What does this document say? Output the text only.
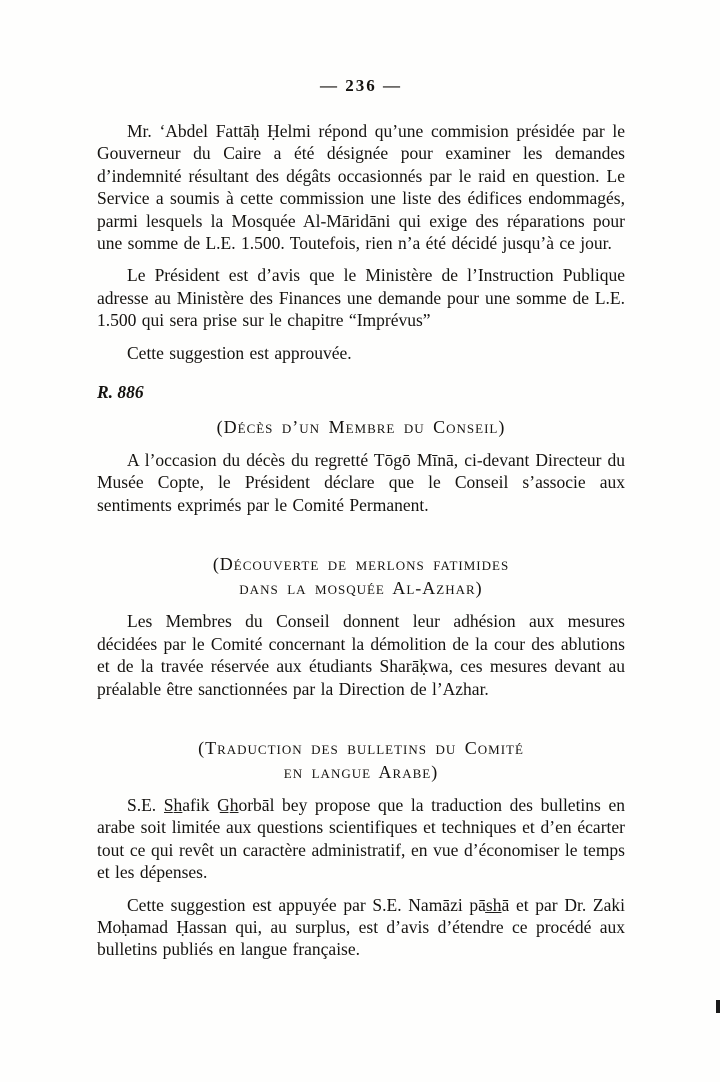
— 236 —

Mr. ‘Abdel Fattāḥ Ḥelmi répond qu’une commision présidée par le Gouverneur du Caire a été désignée pour examiner les demandes d’indemnité résultant des dégâts occasionnés par le raid en question. Le Service a soumis à cette commission une liste des édifices endommagés, parmi lesquels la Mosquée Al-Māridāni qui exige des réparations pour une somme de L.E. 1.500. Toutefois, rien n’a été décidé jusqu’à ce jour.

Le Président est d’avis que le Ministère de l’Instruction Publique adresse au Ministère des Finances une demande pour une somme de L.E. 1.500 qui sera prise sur le chapitre “Imprévus”

Cette suggestion est approuvée.

R. 886
(Décès d’un Membre du Conseil)

A l’occasion du décès du regretté Tōgō Mīnā, ci-devant Directeur du Musée Copte, le Président déclare que le Conseil s’associe aux sentiments exprimés par le Comité Permanent.

(Découverte de merlons fatimides
dans la mosquée Al-Azhar)

Les Membres du Conseil donnent leur adhésion aux mesures décidées par le Comité concernant la démolition de la cour des ablutions et de la travée réservée aux étudiants Sharāḳwa, ces mesures devant au préalable être sanctionnées par la Direction de l’Azhar.

(Traduction des bulletins du Comité
en langue Arabe)

S.E. S̲h̲afik G̲h̲orbāl bey propose que la traduction des bulletins en arabe soit limitée aux questions scientifiques et techniques et d’en écarter tout ce qui revêt un caractère administratif, en vue d’économiser le temps et les dépenses.

Cette suggestion est appuyée par S.E. Namāzi pās̲h̲ā et par Dr. Zaki Moḥamad Ḥassan qui, au surplus, est d’avis d’étendre ce procédé aux bulletins publiés en langue française.
